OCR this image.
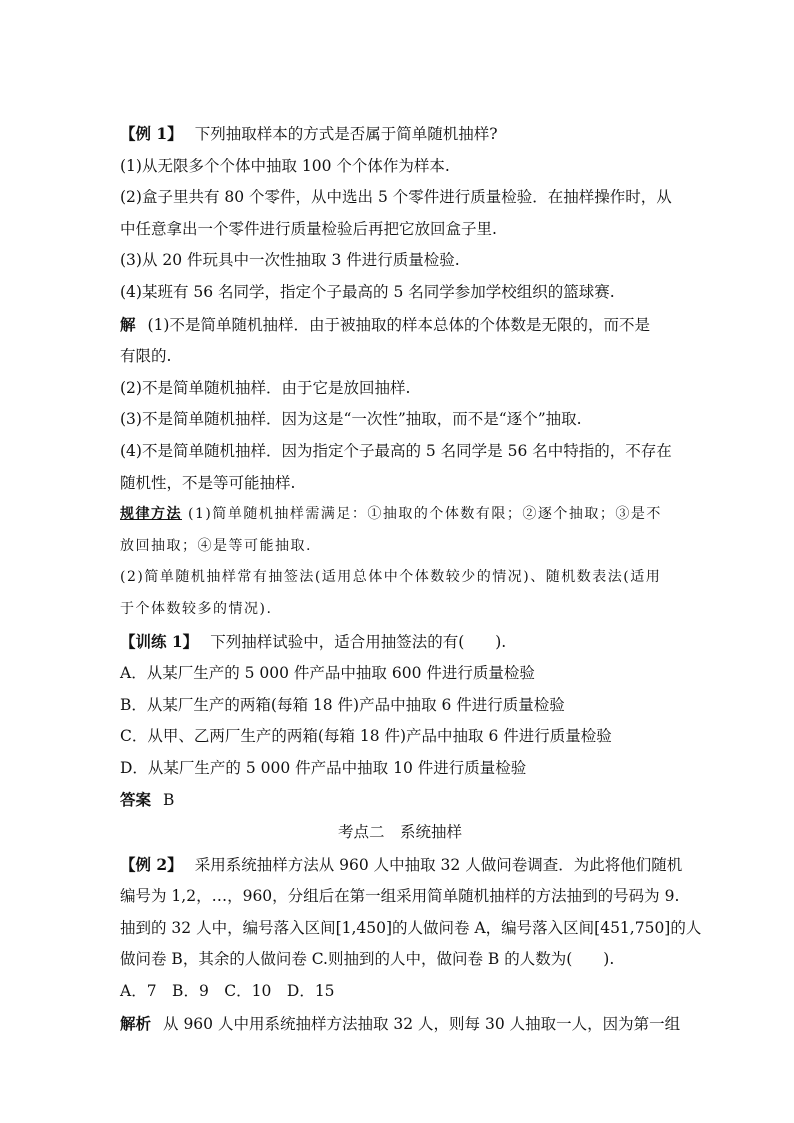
【例 1】 下列抽取样本的方式是否属于简单随机抽样?
(1)从无限多个个体中抽取 100 个个体作为样本.
(2)盒子里共有 80 个零件，从中选出 5 个零件进行质量检验．在抽样操作时，从
中任意拿出一个零件进行质量检验后再把它放回盒子里.
(3)从 20 件玩具中一次性抽取 3 件进行质量检验.
(4)某班有 56 名同学，指定个子最高的 5 名同学参加学校组织的篮球赛.
解 (1)不是简单随机抽样．由于被抽取的样本总体的个体数是无限的，而不是
有限的.
(2)不是简单随机抽样．由于它是放回抽样.
(3)不是简单随机抽样．因为这是“一次性”抽取，而不是“逐个”抽取.
(4)不是简单随机抽样．因为指定个子最高的 5 名同学是 56 名中特指的，不存在
随机性，不是等可能抽样.
规律方法 (1)简单随机抽样需满足：①抽取的个体数有限；②逐个抽取；③是不
放回抽取；④是等可能抽取.
(2)简单随机抽样常有抽签法(适用总体中个体数较少的情况)、随机数表法(适用
于个体数较多的情况).
【训练 1】 下列抽样试验中，适合用抽签法的有(　　).
A．从某厂生产的 5 000 件产品中抽取 600 件进行质量检验
B．从某厂生产的两箱(每箱 18 件)产品中抽取 6 件进行质量检验
C．从甲、乙两厂生产的两箱(每箱 18 件)产品中抽取 6 件进行质量检验
D．从某厂生产的 5 000 件产品中抽取 10 件进行质量检验
答案 B
考点二　系统抽样
【例 2】 采用系统抽样方法从 960 人中抽取 32 人做问卷调查．为此将他们随机
编号为 1,2，…，960，分组后在第一组采用简单随机抽样的方法抽到的号码为 9.
抽到的 32 人中，编号落入区间[1,450]的人做问卷 A，编号落入区间[451,750]的人
做问卷 B，其余的人做问卷 C.则抽到的人中，做问卷 B 的人数为(　　).
A．7　B．9　C．10　D．15
解析 从 960 人中用系统抽样方法抽取 32 人，则每 30 人抽取一人，因为第一组
